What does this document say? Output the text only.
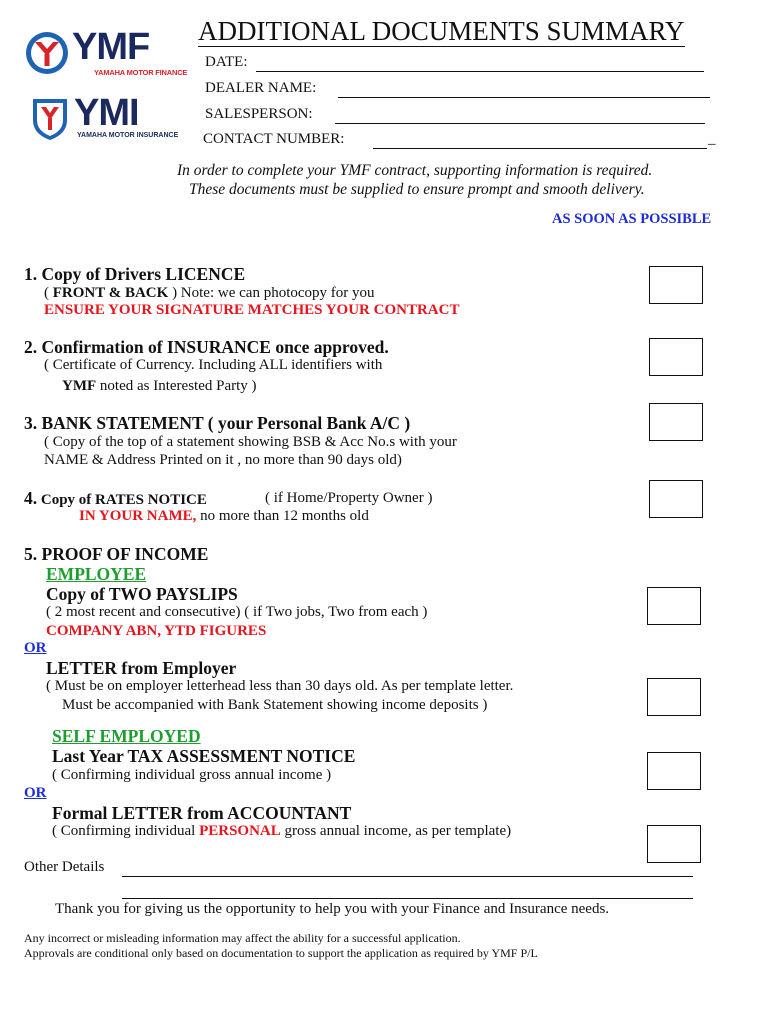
YMF
YAMAHA MOTOR FINANCE
YMI
YAMAHA MOTOR INSURANCE
ADDITIONAL DOCUMENTS SUMMARY
DATE:
DEALER NAME:
SALESPERSON:
CONTACT NUMBER:	_
In order to complete your YMF contract, supporting information is required.
These documents must be supplied to ensure prompt and smooth delivery.
AS SOON AS POSSIBLE
1. Copy of Drivers LICENCE
( FRONT & BACK ) Note: we can photocopy for you
ENSURE YOUR SIGNATURE MATCHES YOUR CONTRACT
2. Confirmation of INSURANCE once approved.
( Certificate of Currency. Including ALL identifiers with
YMF noted as Interested Party )
3. BANK STATEMENT ( your Personal Bank A/C )
( Copy of the top of a statement showing BSB & Acc No.s with your
NAME & Address Printed on it , no more than 90 days old)
4. Copy of RATES NOTICE	( if Home/Property Owner )
IN YOUR NAME, no more than 12 months old
5. PROOF OF INCOME
EMPLOYEE
Copy of TWO PAYSLIPS
( 2 most recent and consecutive) ( if Two jobs, Two from each )
COMPANY ABN, YTD FIGURES
OR
LETTER from Employer
( Must be on employer letterhead less than 30 days old. As per template letter.
Must be accompanied with Bank Statement showing income deposits )
SELF EMPLOYED
Last Year TAX ASSESSMENT NOTICE
( Confirming individual gross annual income )
OR
Formal LETTER from ACCOUNTANT
( Confirming individual PERSONAL gross annual income, as per template)
Other Details
Thank you for giving us the opportunity to help you with your Finance and Insurance needs.
Any incorrect or misleading information may affect the ability for a successful application.
Approvals are conditional only based on documentation to support the application as required by YMF P/L
